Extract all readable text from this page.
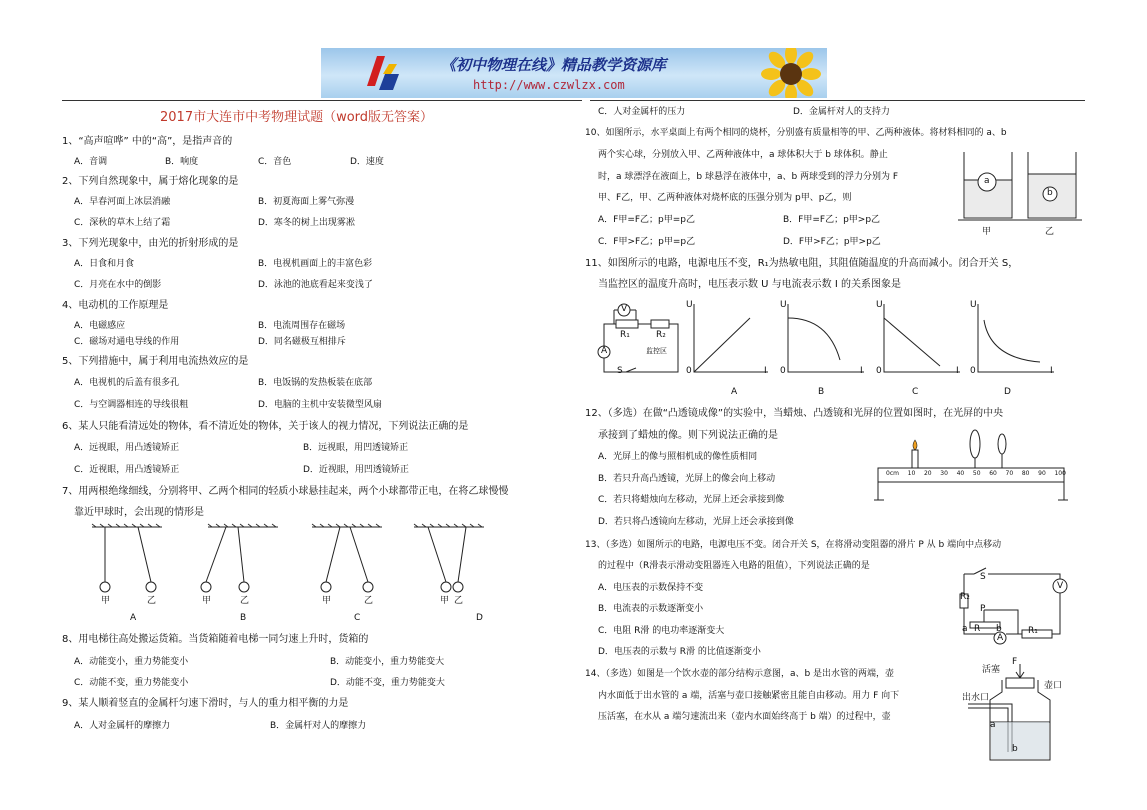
《初中物理在线》精品教学资源库
http://www.czwlzx.com
2017市大连市中考物理试题（word版无答案）
1、“高声喧哗” 中的“高”，是指声音的
A．音调	B．响度	C．音色	D．速度
2、下列自然现象中，属于熔化现象的是
A．早春河面上冰层消融	B．初夏海面上雾气弥漫
C．深秋的草木上结了霜	D．寒冬的树上出现雾凇
3、下列光现象中，由光的折射形成的是
A．日食和月食	B．电视机画面上的丰富色彩
C．月亮在水中的倒影	D．泳池的池底看起来变浅了
4、电动机的工作原理是
A．电磁感应	B．电流周围存在磁场
C．磁场对通电导线的作用	D．同名磁极互相排斥
5、下列措施中，属于利用电流热效应的是
A．电视机的后盖有很多孔	B．电饭锅的发热板装在底部
C．与空调器相连的导线很粗	D．电脑的主机中安装微型风扇
6、某人只能看清远处的物体，看不清近处的物体，关于该人的视力情况，下列说法正确的是
A．远视眼，用凸透镜矫正	B．远视眼，用凹透镜矫正
C．近视眼，用凸透镜矫正	D．近视眼，用凹透镜矫正
7、用两根绝缘细线，分别将甲、乙两个相同的轻质小球悬挂起来，两个小球都带正电，在将乙球慢慢
靠近甲球时，会出现的情形是
甲	乙	甲	乙	甲	乙	甲 乙
A	B	C	D
8、用电梯往高处搬运货箱。当货箱随着电梯一同匀速上升时，货箱的
A．动能变小，重力势能变小	B．动能变小，重力势能变大
C．动能不变，重力势能变小	D．动能不变，重力势能变大
9、某人顺着竖直的金属杆匀速下滑时，与人的重力相平衡的力是
A．人对金属杆的摩擦力	B．金属杆对人的摩擦力
C．人对金属杆的压力	D．金属杆对人的支持力
10、如图所示，水平桌面上有两个相同的烧杯，分别盛有质量相等的甲、乙两种液体。将材料相同的 a、b
两个实心球，分别放入甲、乙两种液体中，a 球体积大于 b 球体积。静止
时，a 球漂浮在液面上，b 球悬浮在液体中，a、b 两球受到的浮力分别为 F
甲、F乙，甲、乙两种液体对烧杯底的压强分别为 p甲、p乙，则
A．F甲=F乙；p甲=p乙	B．F甲=F乙；p甲>p乙
C．F甲>F乙；p甲=p乙	D．F甲>F乙；p甲>p乙
a
b
甲	乙
11、如图所示的电路，电源电压不变，R₁为热敏电阻，其阻值随温度的升高而减小。闭合开关 S，
当监控区的温度升高时，电压表示数 U 与电流表示数 I 的关系图象是
V
R₁	R₂
监控区
A
S
U
I
0
U
I
0
U
I
0
U
I
0
A	B	C	D
12、（多选）在做“凸透镜成像”的实验中，当蜡烛、凸透镜和光屏的位置如图时，在光屏的中央
承接到了蜡烛的像。则下列说法正确的是
A．光屏上的像与照相机成的像性质相同
B．若只升高凸透镜，光屏上的像会向上移动
C．若只将蜡烛向左移动，光屏上还会承接到像
D．若只将凸透镜向左移动，光屏上还会承接到像
0cm 10 20 30 40 50 60 70 80 90 100
13、（多选）如图所示的电路，电源电压不变。闭合开关 S，在将滑动变阻器的滑片 P 从 b 端向中点移动
的过程中（R滑表示滑动变阻器连入电路的阻值），下列说法正确的是
A．电压表的示数保持不变
B．电流表的示数逐渐变小
C．电阻 R滑 的电功率逐渐变大
D．电压表的示数与 R滑 的比值逐渐变小
S
V
R₂
P
a R b
A
R₁
14、（多选）如图是一个饮水壶的部分结构示意图，a、b 是出水管的两端，壶
内水面低于出水管的 a 端，活塞与壶口接触紧密且能自由移动。用力 F 向下
压活塞，在水从 a 端匀速流出来（壶内水面始终高于 b 端）的过程中，壶
活塞
F
壶口
出水口
a
b
